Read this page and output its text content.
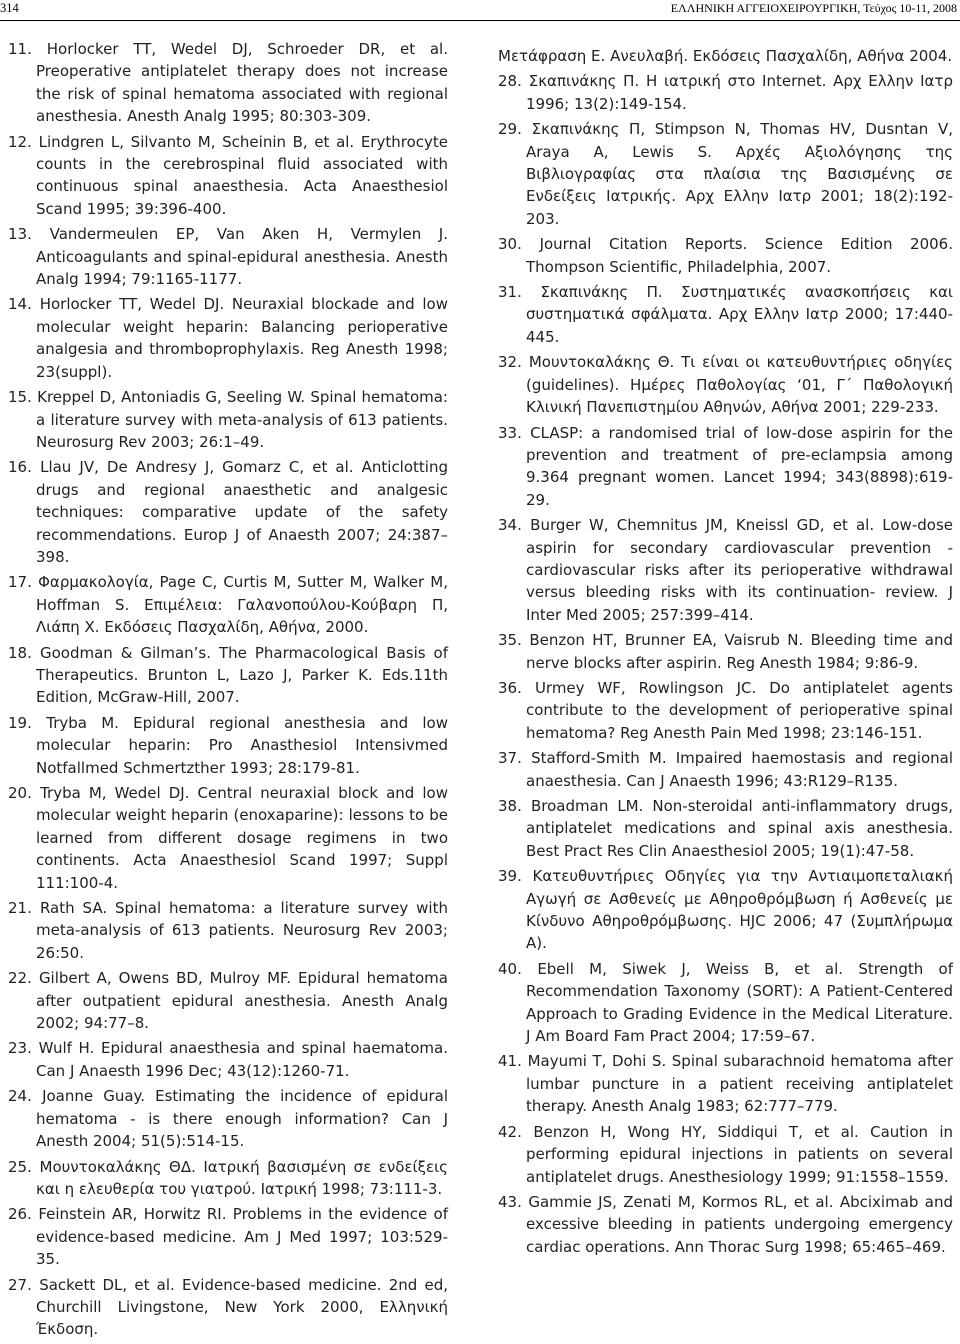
314	ΕΛΛΗΝΙΚΗ ΑΓΓΕΙΟΧΕΙΡΟΥΡΓΙΚΗ, Τεύχος 10-11, 2008
11. Horlocker TT, Wedel DJ, Schroeder DR, et al. Preoperative antiplatelet therapy does not increase the risk of spinal hematoma associated with regional anesthesia. Anesth Analg 1995; 80:303-309.
12. Lindgren L, Silvanto M, Scheinin B, et al. Erythrocyte counts in the cerebrospinal fluid associated with continuous spinal anaesthesia. Acta Anaesthesiol Scand 1995; 39:396-400.
13. Vandermeulen EP, Van Aken H, Vermylen J. Anticoagulants and spinal-epidural anesthesia. Anesth Analg 1994; 79:1165-1177.
14. Horlocker TT, Wedel DJ. Neuraxial blockade and low molecular weight heparin: Balancing perioperative analgesia and thromboprophylaxis. Reg Anesth 1998; 23(suppl).
15. Kreppel D, Antoniadis G, Seeling W. Spinal hematoma: a literature survey with meta-analysis of 613 patients. Neurosurg Rev 2003; 26:1–49.
16. Llau JV, De Andresy J, Gomarz C, et al. Anticlotting drugs and regional anaesthetic and analgesic techniques: comparative update of the safety recommendations. Europ J of Anaesth 2007; 24:387–398.
17. Φαρμακολογία, Page C, Curtis M, Sutter M, Walker M, Hoffman S. Επιμέλεια: Γαλανοπούλου-Κούβαρη Π, Λιάπη Χ. Εκδόσεις Πασχαλίδη, Αθήνα, 2000.
18. Goodman & Gilman’s. The Pharmacological Basis of Therapeutics. Brunton L, Lazo J, Parker K. Eds.11th Edition, McGraw-Hill, 2007.
19. Tryba M. Epidural regional anesthesia and low molecular heparin: Pro Anasthesiol Intensivmed Notfallmed Schmertzther 1993; 28:179-81.
20. Tryba M, Wedel DJ. Central neuraxial block and low molecular weight heparin (enoxaparine): lessons to be learned from different dosage regimens in two continents. Acta Anaesthesiol Scand 1997; Suppl 111:100-4.
21. Rath SA. Spinal hematoma: a literature survey with meta-analysis of 613 patients. Neurosurg Rev 2003; 26:50.
22. Gilbert A, Owens BD, Mulroy MF. Epidural hematoma after outpatient epidural anesthesia. Anesth Analg 2002; 94:77–8.
23. Wulf H. Epidural anaesthesia and spinal haematoma. Can J Anaesth 1996 Dec; 43(12):1260-71.
24. Joanne Guay. Estimating the incidence of epidural hematoma - is there enough information? Can J Anesth 2004; 51(5):514-15.
25. Μουντοκαλάκης ΘΔ. Ιατρική βασισμένη σε ενδείξεις και η ελευθερία του γιατρού. Ιατρική 1998; 73:111-3.
26. Feinstein AR, Horwitz RI. Problems in the evidence of evidence-based medicine. Am J Med 1997; 103:529-35.
27. Sackett DL, et al. Evidence-based medicine. 2nd ed, Churchill Livingstone, New York 2000, Ελληνική Έκδοση.
Μετάφραση Ε. Ανευλαβή. Εκδόσεις Πασχαλίδη, Αθήνα 2004.
28. Σκαπινάκης Π. Η ιατρική στο Internet. Αρχ Ελλην Ιατρ 1996; 13(2):149-154.
29. Σκαπινάκης Π, Stimpson N, Thomas HV, Dusntan V, Araya A, Lewis S. Αρχές Αξιολόγησης της Βιβλιογραφίας στα πλαίσια της Βασισμένης σε Ενδείξεις Ιατρικής. Αρχ Ελλην Ιατρ 2001; 18(2):192-203.
30. Journal Citation Reports. Science Edition 2006. Thompson Scientific, Philadelphia, 2007.
31. Σκαπινάκης Π. Συστηματικές ανασκοπήσεις και συστηματικά σφάλματα. Αρχ Ελλην Ιατρ 2000; 17:440-445.
32. Μουντοκαλάκης Θ. Τι είναι οι κατευθυντήριες οδηγίες (guidelines). Ημέρες Παθολογίας ‘01, Γ΄ Παθολογική Κλινική Πανεπιστημίου Αθηνών, Αθήνα 2001; 229-233.
33. CLASP: a randomised trial of low-dose aspirin for the prevention and treatment of pre-eclampsia among 9.364 pregnant women. Lancet 1994; 343(8898):619-29.
34. Burger W, Chemnitus JM, Kneissl GD, et al. Low-dose aspirin for secondary cardiovascular prevention - cardiovascular risks after its perioperative withdrawal versus bleeding risks with its continuation- review. J Inter Med 2005; 257:399–414.
35. Benzon HT, Brunner EA, Vaisrub N. Bleeding time and nerve blocks after aspirin. Reg Anesth 1984; 9:86-9.
36. Urmey WF, Rowlingson JC. Do antiplatelet agents contribute to the development of perioperative spinal hematoma? Reg Anesth Pain Med 1998; 23:146-151.
37. Stafford-Smith M. Impaired haemostasis and regional anaesthesia. Can J Anaesth 1996; 43:R129–R135.
38. Broadman LM. Non-steroidal anti-inflammatory drugs, antiplatelet medications and spinal axis anesthesia. Best Pract Res Clin Anaesthesiol 2005; 19(1):47-58.
39. Κατευθυντήριες Οδηγίες για την Αντιαιμοπεταλιακή Αγωγή σε Ασθενείς με Αθηροθρόμβωση ή Ασθενείς με Κίνδυνο Αθηροθρόμβωσης. HJC 2006; 47 (Συμπλήρωμα Α).
40. Ebell M, Siwek J, Weiss B, et al. Strength of Recommendation Taxonomy (SORT): A Patient-Centered Approach to Grading Evidence in the Medical Literature. J Am Board Fam Pract 2004; 17:59–67.
41. Mayumi T, Dohi S. Spinal subarachnoid hematoma after lumbar puncture in a patient receiving antiplatelet therapy. Anesth Analg 1983; 62:777–779.
42. Benzon H, Wong HY, Siddiqui T, et al. Caution in performing epidural injections in patients on several antiplatelet drugs. Anesthesiology 1999; 91:1558–1559.
43. Gammie JS, Zenati M, Kormos RL, et al. Abciximab and excessive bleeding in patients undergoing emergency cardiac operations. Ann Thorac Surg 1998; 65:465–469.
